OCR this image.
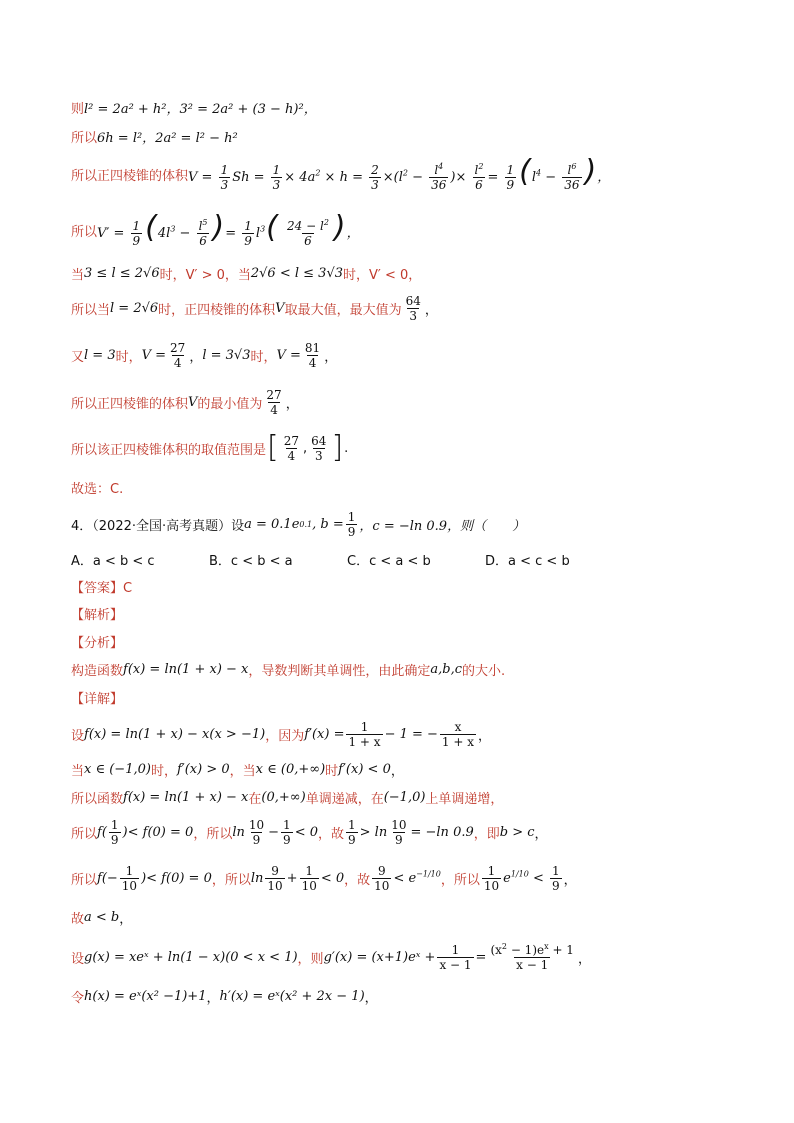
则 l² = 2a² + h²，3² = 2a² + (3 − h)²，
所以 6h = l²，2a² = l² − h²
所以正四棱锥的体积 $V = \frac{1}{3}$ $Sh = \frac{1}{3} \times 4a^2 \times h = \frac{2}{3} \times(l^2 - \frac{l^4}{36}$ )× $\frac{l^2}{6} = \frac{1}{9} (l^4 - \frac{l^6}{36}$ )，
所以 $V' = \frac{1}{9} (4l^3 - \frac{l^5}{6}$ )= $\frac{1}{9} l^3( \frac{24 - l^2}{6}$ )，
当 3 ≤ l ≤ 2√6 时，V′ > 0，当 2√6 < l ≤ 3√3 时，V′ < 0，
所以当 l = 2√6 时，正四棱锥的体积 V 取最大值，最大值为 $\frac{64}{3}$ ，
又 l = 3 时， $V = \frac{27}{4}$ ， l = 3√3 时， $V = \frac{81}{4}$ ，
所以正四棱锥的体积 V 的最小值为 $\frac{27}{4}$ ，
所以该正四棱锥体积的取值范围是 [ $\frac{27}{4}$ , $\frac{64}{3}$ ] .
故选：C.
4．（2022·全国·高考真题）设 a = 0.1e 0.1 , $b = \frac{1}{9}$ ，c = −ln 0.9，则（　　）
A．a < b < c	B．c < b < a	C．c < a < b	D．a < c < b
【答案】C
【解析】
【分析】
构造函数 f(x) = ln(1 + x) − x ，导数判断其单调性，由此确定 a,b,c 的大小.
【详解】
设 f(x) = ln(1 + x) − x(x > −1) ，因为 $f'(x) = \frac{1}{1 + x} - 1$ = − $\frac{x}{1 + x}$ ，
当 x ∈ (−1,0) 时， f′(x) > 0 ，当 x ∈ (0,+∞) 时 f′(x) < 0 ，
所以函数 f(x) = ln(1 + x) − x 在 (0,+∞) 单调递减，在 (−1,0) 上单调递增，
所以 $f( \frac{1}{9}$ ) < f(0) = 0 ，所以 $\ln \frac{10}{9} - \frac{1}{9} < 0$ ，故 $\frac{1}{9} > \ln \frac{10}{9} = -\ln$ 0.9 ，即 b > c ，
所以 $f(- \frac{1}{10}$ ) < f(0) = 0 ，所以 $\ln \frac{9}{10} + \frac{1}{10} < 0$ ，故 $\frac{9}{10} < e^{-1/10}$ ，所以 $\frac{1}{10} e^{1/10} < \frac{1}{9}$ ，
故 a < b ，
设 g(x) = xeˣ + ln(1 − x)(0 < x < 1) ，则 g′(x) = (x+1)eˣ + $\frac{1}{x - 1} = \frac{(x^2 - 1)e^x + 1}{x - 1}$ ，
令 h(x) = eˣ(x² −1)+1 ， h′(x) = eˣ(x² + 2x − 1) ，
